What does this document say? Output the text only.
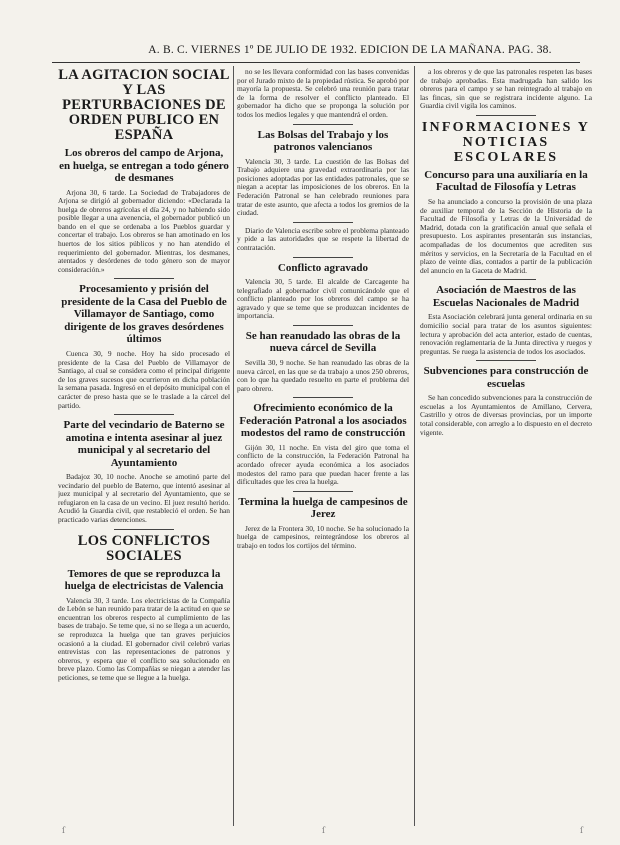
A. B. C. VIERNES 1º DE JULIO DE 1932. EDICION DE LA MAÑANA. PAG. 38.
LA AGITACION SOCIAL Y LAS PERTURBACIONES DE ORDEN PUBLICO EN ESPAÑA
Los obreros del campo de Arjona, en huelga, se entregan a todo género de desmanes
Arjona 30, 6 tarde. La Sociedad de Trabajadores de Arjona se dirigió al gobernador diciendo: «Declarada la huelga de obreros agrícolas el día 24, y no habiendo sido posible llegar a una avenencia, el gobernador publicó un bando en el que se ordenaba a los Pueblos guardar y concertar el trabajo. Los obreros se han amotinado en los huertos de los sitios públicos y no han atendido el requerimiento del gobernador. Mientras, los desmanes, atentados y desórdenes de todo género son de mayor consideración.»
Procesamiento y prisión del presidente de la Casa del Pueblo de Villamayor de Santiago, como dirigente de los graves desórdenes últimos
Cuenca 30, 9 noche. Hoy ha sido procesado el presidente de la Casa del Pueblo de Villamayor de Santiago, al cual se considera como el principal dirigente de los graves sucesos que ocurrieron en dicha población la semana pasada. Ingresó en el depósito municipal con el carácter de preso hasta que se le traslade a la cárcel del partido.
Parte del vecindario de Baterno se amotina e intenta asesinar al juez municipal y al secretario del Ayuntamiento
Badajoz 30, 10 noche. Anoche se amotinó parte del vecindario del pueblo de Baterno, que intentó asesinar al juez municipal y al secretario del Ayuntamiento, que se refugiaron en la casa de un vecino. El juez resultó herido. Acudió la Guardia civil, que restableció el orden. Se han practicado varias detenciones.
LOS CONFLICTOS SOCIALES
Temores de que se reproduzca la huelga de electricistas de Valencia
Valencia 30, 3 tarde. Los electricistas de la Compañía de Lebón se han reunido para tratar de la actitud en que se encuentran los obreros respecto al cumplimiento de las bases de trabajo. Se teme que, si no se llega a un acuerdo, se reproduzca la huelga que tan graves perjuicios ocasionó a la ciudad. El gobernador civil celebró varias entrevistas con las representaciones de patronos y obreros, y espera que el conflicto sea solucionado en breve plazo. Como las Compañías se niegan a atender las peticiones, se teme que se llegue a la huelga.
no se les llevara conformidad con las bases convenidas por el Jurado mixto de la propiedad rústica. Se aprobó por mayoría la propuesta. Se celebró una reunión para tratar de la forma de resolver el conflicto planteado. El gobernador ha dicho que se proponga la solución por todos los medios legales y que mantendrá el orden.
Las Bolsas del Trabajo y los patronos valencianos
Valencia 30, 3 tarde. La cuestión de las Bolsas del Trabajo adquiere una gravedad extraordinaria por las posiciones adoptadas por las entidades patronales, que se niegan a aceptar las imposiciones de los obreros. En la Federación Patronal se han celebrado reuniones para tratar de este asunto, que afecta a todos los gremios de la ciudad.
Diario de Valencia escribe sobre el problema planteado y pide a las autoridades que se respete la libertad de contratación.
Conflicto agravado
Valencia 30, 5 tarde. El alcalde de Carcagente ha telegrafiado al gobernador civil comunicándole que el conflicto planteado por los obreros del campo se ha agravado y que se teme que se produzcan incidentes de importancia.
Se han reanudado las obras de la nueva cárcel de Sevilla
Sevilla 30, 9 noche. Se han reanudado las obras de la nueva cárcel, en las que se da trabajo a unos 250 obreros, con lo que ha quedado resuelto en parte el problema del paro obrero.
Ofrecimiento económico de la Federación Patronal a los asociados modestos del ramo de construcción
Gijón 30, 11 noche. En vista del giro que toma el conflicto de la construcción, la Federación Patronal ha acordado ofrecer ayuda económica a los asociados modestos del ramo para que puedan hacer frente a las dificultades que les crea la huelga.
Termina la huelga de campesinos de Jerez
Jerez de la Frontera 30, 10 noche. Se ha solucionado la huelga de campesinos, reintegrándose los obreros al trabajo en todos los cortijos del término.
a los obreros y de que las patronales respeten las bases de trabajo aprobadas. Esta madrugada han salido los obreros para el campo y se han reintegrado al trabajo en las fincas, sin que se registrara incidente alguno. La Guardia civil vigila los caminos.
INFORMACIONES Y NOTICIAS ESCOLARES
Concurso para una auxiliaría en la Facultad de Filosofía y Letras
Se ha anunciado a concurso la provisión de una plaza de auxiliar temporal de la Sección de Historia de la Facultad de Filosofía y Letras de la Universidad de Madrid, dotada con la gratificación anual que señala el presupuesto. Los aspirantes presentarán sus instancias, acompañadas de los documentos que acrediten sus méritos y servicios, en la Secretaría de la Facultad en el plazo de veinte días, contados a partir de la publicación del anuncio en la Gaceta de Madrid.
Asociación de Maestros de las Escuelas Nacionales de Madrid
Esta Asociación celebrará junta general ordinaria en su domicilio social para tratar de los asuntos siguientes: lectura y aprobación del acta anterior, estado de cuentas, renovación reglamentaria de la Junta directiva y ruegos y preguntas. Se ruega la asistencia de todos los asociados.
Subvenciones para construcción de escuelas
Se han concedido subvenciones para la construcción de escuelas a los Ayuntamientos de Amillano, Cervera, Castrillo y otros de diversas provincias, por un importe total considerable, con arreglo a lo dispuesto en el decreto vigente.
ſ	ſ	ſ
